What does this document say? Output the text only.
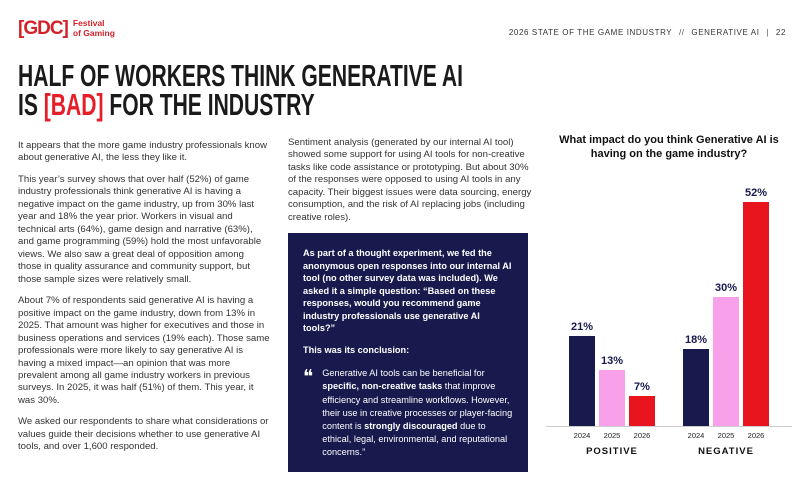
[GDC] Festival
of Gaming	2026 STATE OF THE GAME INDUSTRY // GENERATIVE AI | 22
HALF OF WORKERS THINK GENERATIVE AI
IS [BAD] FOR THE INDUSTRY

It appears that the more game industry professionals know about generative AI, the less they like it.

This year’s survey shows that over half (52%) of game industry professionals think generative AI is having a negative impact on the game industry, up from 30% last year and 18% the year prior. Workers in visual and technical arts (64%), game design and narrative (63%), and game programming (59%) hold the most unfavorable views. We also saw a great deal of opposition among those in quality assurance and community support, but those sample sizes were relatively small.

About 7% of respondents said generative AI is having a positive impact on the game industry, down from 13% in 2025. That amount was higher for executives and those in business operations and services (19% each). Those same professionals were more likely to say generative AI is having a mixed impact—an opinion that was more prevalent among all game industry workers in previous surveys. In 2025, it was half (51%) of them. This year, it was 30%.

We asked our respondents to share what considerations or values guide their decisions whether to use generative AI tools, and over 1,600 responded.

Sentiment analysis (generated by our internal AI tool) showed some support for using AI tools for non-creative tasks like code assistance or prototyping. But about 30% of the responses were opposed to using AI tools in any capacity. Their biggest issues were data sourcing, energy consumption, and the risk of AI replacing jobs (including creative roles).

As part of a thought experiment, we fed the anonymous open responses into our internal AI tool (no other survey data was included). We asked it a simple question: “Based on these responses, would you recommend game industry professionals use generative AI tools?”

This was its conclusion:

❝ Generative AI tools can be beneficial for specific, non-creative tasks that improve efficiency and streamline workflows. However, their use in creative processes or player-facing content is strongly discouraged due to ethical, legal, environmental, and reputational concerns.”
What impact do you think Generative AI is having on the game industry?
21%
13%
7%
2024	2025	2026
POSITIVE
18%
30%
52%
2024	2025	2026
NEGATIVE
